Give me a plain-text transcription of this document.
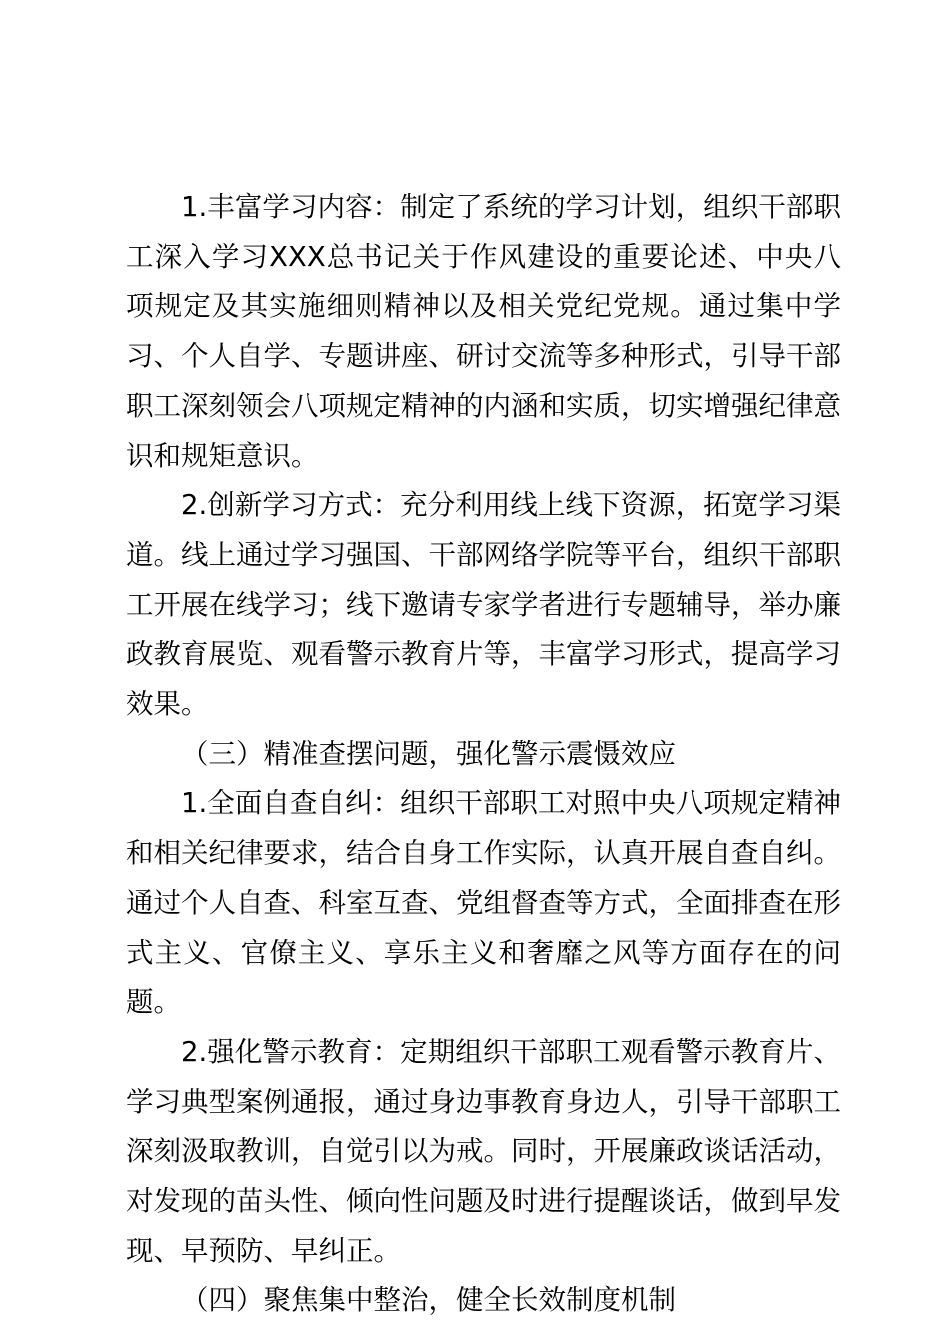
1.丰富学习内容：制定了系统的学习计划，组织干部职工深入学习XXX总书记关于作风建设的重要论述、中央八项规定及其实施细则精神以及相关党纪党规。通过集中学习、个人自学、专题讲座、研讨交流等多种形式，引导干部职工深刻领会八项规定精神的内涵和实质，切实增强纪律意识和规矩意识。

2.创新学习方式：充分利用线上线下资源，拓宽学习渠道。线上通过学习强国、干部网络学院等平台，组织干部职工开展在线学习；线下邀请专家学者进行专题辅导，举办廉政教育展览、观看警示教育片等，丰富学习形式，提高学习效果。

（三）精准查摆问题，强化警示震慑效应

1.全面自查自纠：组织干部职工对照中央八项规定精神和相关纪律要求，结合自身工作实际，认真开展自查自纠。通过个人自查、科室互查、党组督查等方式，全面排查在形式主义、官僚主义、享乐主义和奢靡之风等方面存在的问题。

2.强化警示教育：定期组织干部职工观看警示教育片、学习典型案例通报，通过身边事教育身边人，引导干部职工深刻汲取教训，自觉引以为戒。同时，开展廉政谈话活动，对发现的苗头性、倾向性问题及时进行提醒谈话，做到早发现、早预防、早纠正。

（四）聚焦集中整治，健全长效制度机制
